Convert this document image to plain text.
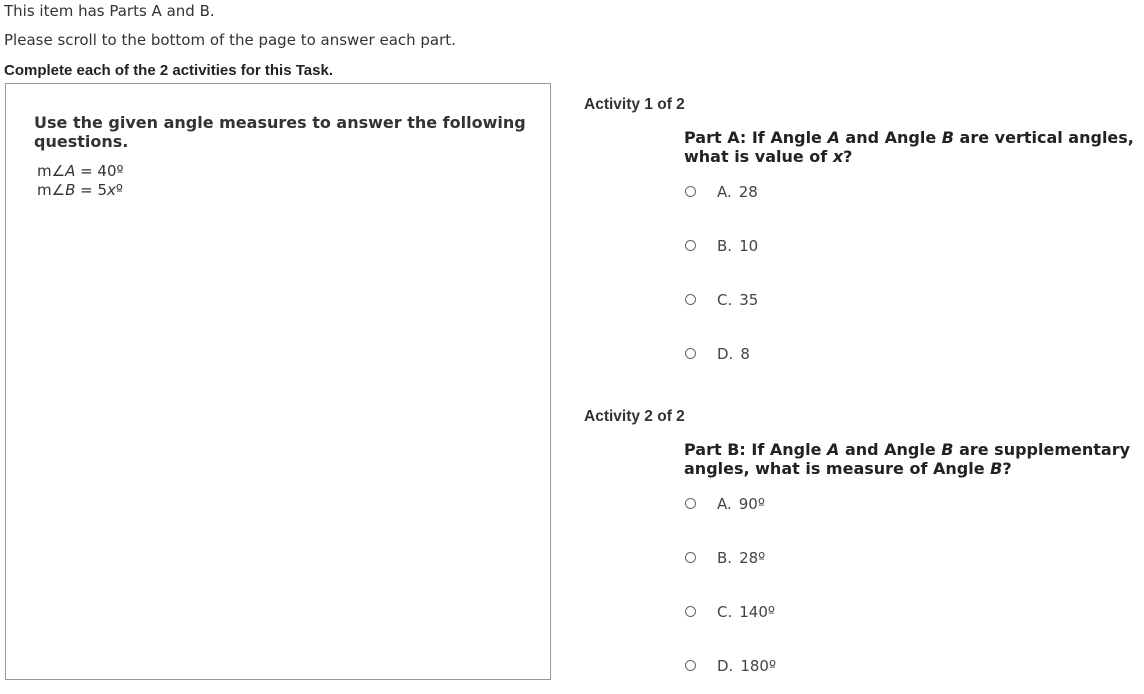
This item has Parts A and B.
Please scroll to the bottom of the page to answer each part.
Complete each of the 2 activities for this Task.
Use the given angle measures to answer the following questions.
m∠A = 40º
m∠B = 5xº
Activity 1 of 2
Part A: If Angle A and Angle B are vertical angles, what is value of x?
A. 28
B. 10
C. 35
D. 8
Activity 2 of 2
Part B: If Angle A and Angle B are supplementary angles, what is measure of Angle B?
A. 90º
B. 28º
C. 140º
D. 180º
